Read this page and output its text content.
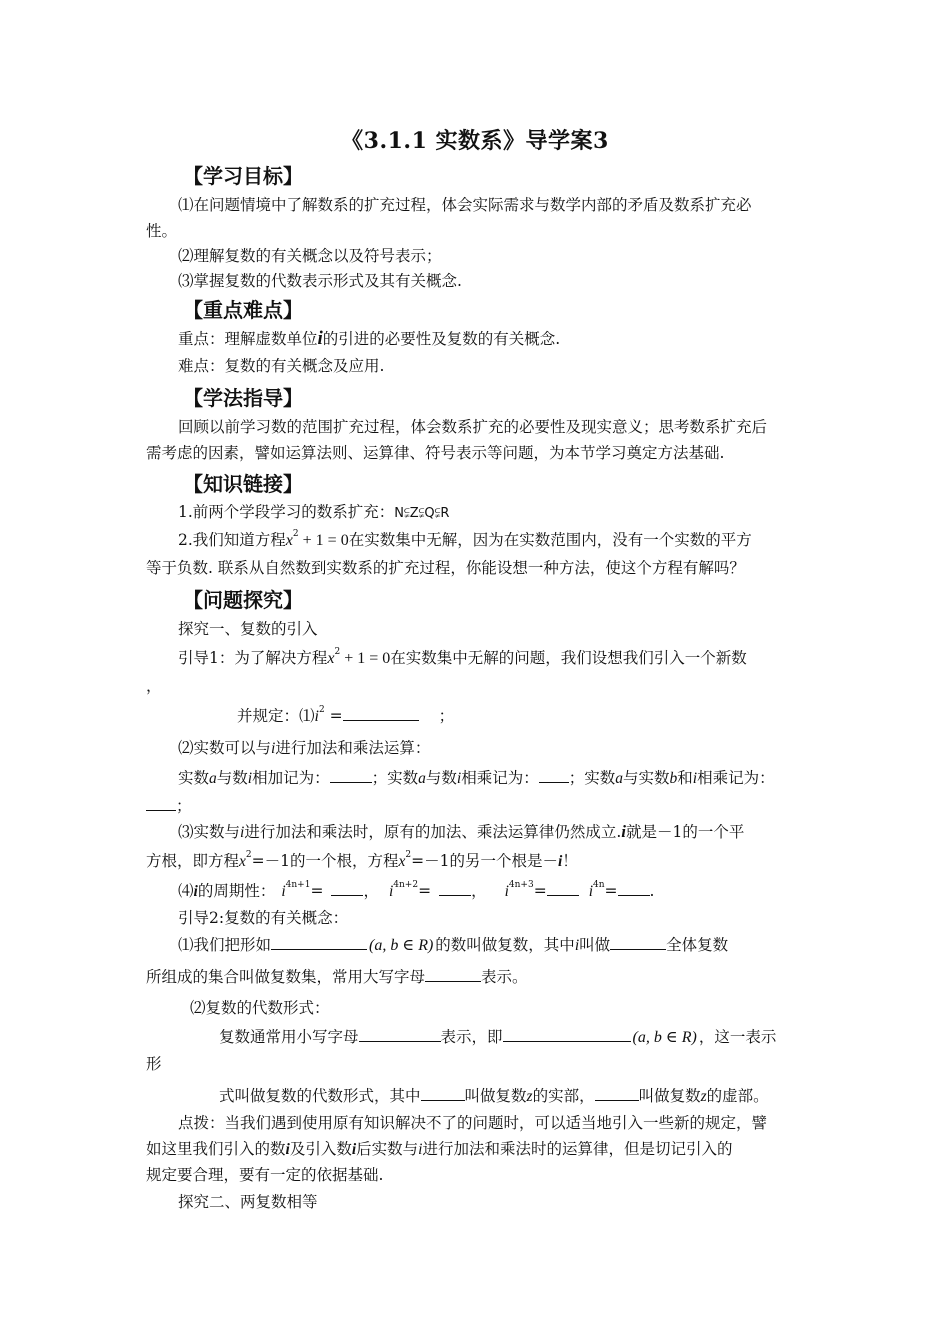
《3.1.1 实数系》导学案3
【学习目标】
⑴在问题情境中了解数系的扩充过程，体会实际需求与数学内部的矛盾及数系扩充必
性。
⑵理解复数的有关概念以及符号表示；
⑶掌握复数的代数表示形式及其有关概念.
【重点难点】
重点：理解虚数单位i的引进的必要性及复数的有关概念.
难点：复数的有关概念及应用.
【学法指导】
回顾以前学习数的范围扩充过程，体会数系扩充的必要性及现实意义；思考数系扩充后
需考虑的因素，譬如运算法则、运算律、符号表示等问题，为本节学习奠定方法基础.
【知识链接】
1.前两个学段学习的数系扩充：N⫋Z⫋Q⫋R
2.我们知道方程$x^2 + 1 = 0$在实数集中无解，因为在实数范围内，没有一个实数的平方
等于负数. 联系从自然数到实数系的扩充过程，你能设想一种方法，使这个方程有解吗？
【问题探究】
探究一、复数的引入
引导1：为了解决方程$x^2 + 1 = 0$在实数集中无解的问题，我们设想我们引入一个新数
，
并规定：$⑴i^2$ =	；
⑵实数可以与i进行加法和乘法运算：
实数a与数i相加记为：	；实数a与数i相乘记为： ；实数a与实数b和i相乘记为：
；
⑶实数与i进行加法和乘法时，原有的加法、乘法运算律仍然成立.i就是－1的一个平
方根，即方程$x^2=-1$的一个根，方程$x^2=-1$的另一个根是－i！
⑷i的周期性： $i^{4n+1}=$	， $i^{4n+2}=$	， $i^{4n+3}=$	$i^{4n}=$ .
引导2:复数的有关概念：
⑴我们把形如	(a, b ∈ R) 的数叫做复数，其中i叫做	全体复数
所组成的集合叫做复数集，常用大写字母	表示。
⑵复数的代数形式：
复数通常用小写字母	表示，即	(a, b ∈ R) ，这一表示
形
式叫做复数的代数形式，其中	叫做复数z的实部，	叫做复数z的虚部。
点拨：当我们遇到使用原有知识解决不了的问题时，可以适当地引入一些新的规定，譬
如这里我们引入的数i及引入数i后实数与i进行加法和乘法时的运算律，但是切记引入的
规定要合理，要有一定的依据基础.
探究二、两复数相等
